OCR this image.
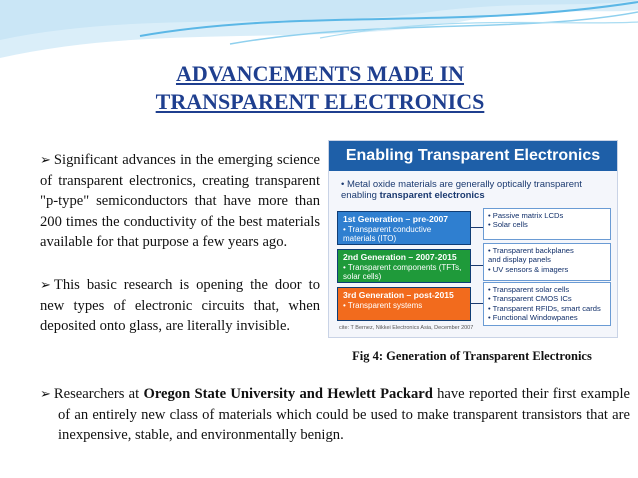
ADVANCEMENTS MADE IN
TRANSPARENT ELECTRONICS
➢ Significant advances in the emerging science of transparent electronics, creating transparent "p-type" semiconductors that have more than 200 times the conductivity of the best materials available for that purpose a few years ago.
➢ This basic research is opening the door to new types of electronic circuits that, when deposited onto glass, are literally invisible.
Enabling Transparent Electronics
• Metal oxide materials are generally optically transparent enabling transparent electronics
1st Generation – pre-2007
• Transparent conductive materials (ITO)
2nd Generation – 2007-2015
• Transparent components (TFTs, solar cells)
3rd Generation – post-2015
• Transparent systems
• Passive matrix LCDs
• Solar cells
• Transparent backplanes
and display panels
• UV sensors & imagers
• Transparent solar cells
• Transparent CMOS ICs
• Transparent RFIDs, smart cards
• Functional Windowpanes
cite: T Bernez, Nikkei Electronics Asia, December 2007
Fig 4: Generation of Transparent Electronics
➢ Researchers at Oregon State University and Hewlett Packard have reported their first example of an entirely new class of materials which could be used to make transparent transistors that are inexpensive, stable, and environmentally benign.
